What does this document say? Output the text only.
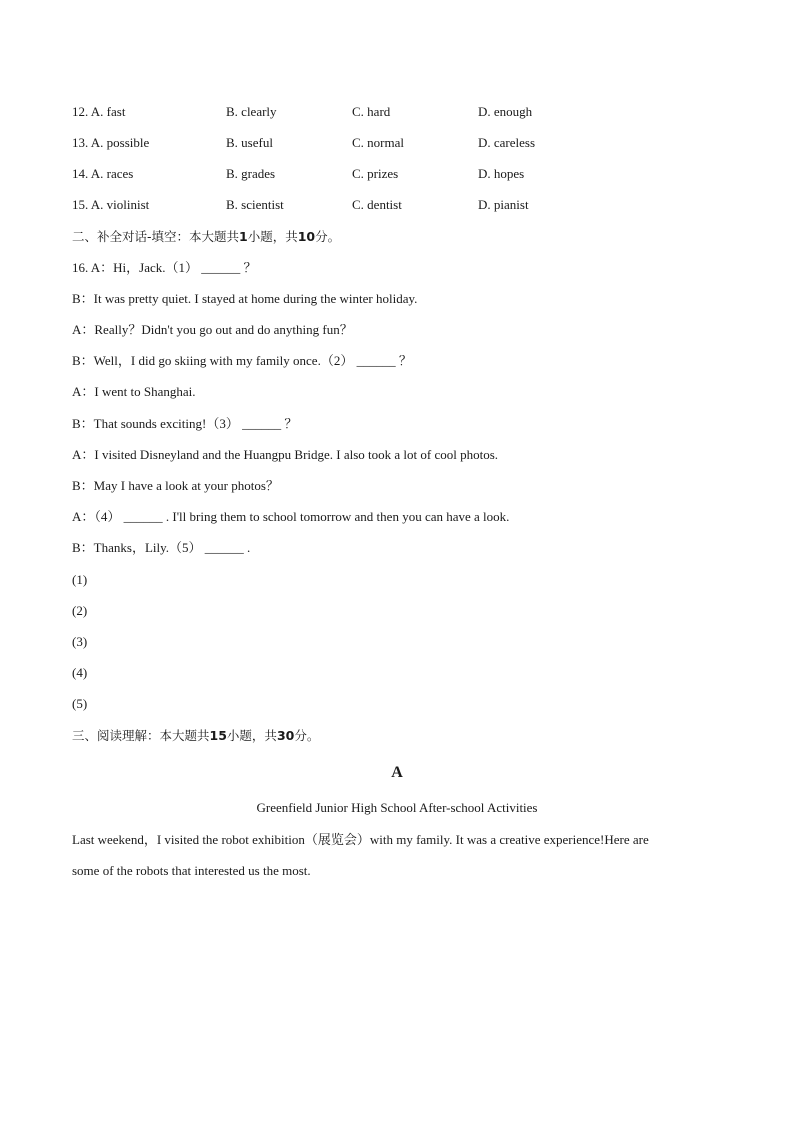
12. A. fast	B. clearly	C. hard	D. enough
13. A. possible	B. useful	C. normal	D. careless
14. A. races	B. grades	C. prizes	D. hopes
15. A. violinist	B. scientist	C. dentist	D. pianist
二、补全对话-填空：本大题共1小题，共10分。
16. A：Hi，Jack.（1） ______ ？
B：It was pretty quiet. I stayed at home during the winter holiday.
A：Really？Didn't you go out and do anything fun？
B：Well，I did go skiing with my family once.（2） ______ ？
A：I went to Shanghai.
B：That sounds exciting!（3） ______ ？
A：I visited Disneyland and the Huangpu Bridge. I also took a lot of cool photos.
B：May I have a look at your photos？
A：（4） ______ . I'll bring them to school tomorrow and then you can have a look.
B：Thanks，Lily.（5） ______ .
(1)
(2)
(3)
(4)
(5)
三、阅读理解：本大题共15小题，共30分。
A
Greenfield Junior High School After-school Activities
Last weekend，I visited the robot exhibition（展览会）with my family. It was a creative experience!Here are
some of the robots that interested us the most.
